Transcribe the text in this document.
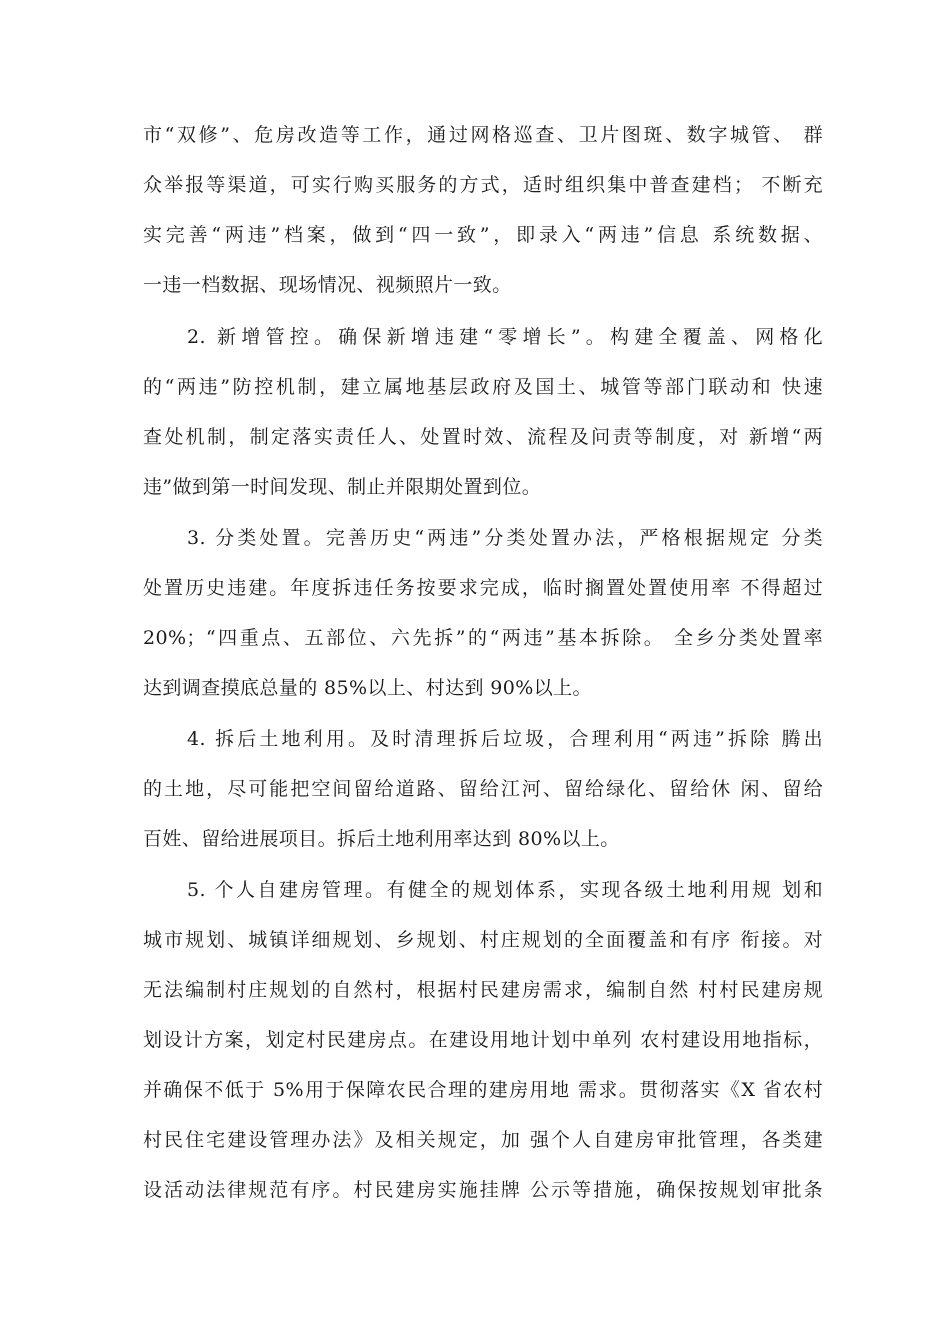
市“双修”、危房改造等工作，通过网格巡查、卫片图斑、数字城管、 群
众举报等渠道，可实行购买服务的方式，适时组织集中普查建档； 不断充
实完善“两违”档案，做到“四一致”，即录入“两违”信息 系统数据、
一违一档数据、现场情况、视频照片一致。
2. 新增管控。确保新增违建“零增长”。构建全覆盖、网格化
的“两违”防控机制，建立属地基层政府及国土、城管等部门联动和 快速
查处机制，制定落实责任人、处置时效、流程及问责等制度，对 新增“两
违”做到第一时间发现、制止并限期处置到位。
3. 分类处置。完善历史“两违”分类处置办法，严格根据规定 分类
处置历史违建。年度拆违任务按要求完成，临时搁置处置使用率 不得超过
20%；“四重点、五部位、六先拆”的“两违”基本拆除。 全乡分类处置率
达到调查摸底总量的 85%以上、村达到 90%以上。
4. 拆后土地利用。及时清理拆后垃圾，合理利用“两违”拆除 腾出
的土地，尽可能把空间留给道路、留给江河、留给绿化、留给休 闲、留给
百姓、留给进展项目。拆后土地利用率达到 80%以上。
5. 个人自建房管理。有健全的规划体系，实现各级土地利用规 划和
城市规划、城镇详细规划、乡规划、村庄规划的全面覆盖和有序 衔接。对
无法编制村庄规划的自然村，根据村民建房需求，编制自然 村村民建房规
划设计方案，划定村民建房点。在建设用地计划中单列 农村建设用地指标，
并确保不低于 5%用于保障农民合理的建房用地 需求。贯彻落实《X 省农村
村民住宅建设管理办法》及相关规定，加 强个人自建房审批管理，各类建
设活动法律规范有序。村民建房实施挂牌 公示等措施，确保按规划审批条
